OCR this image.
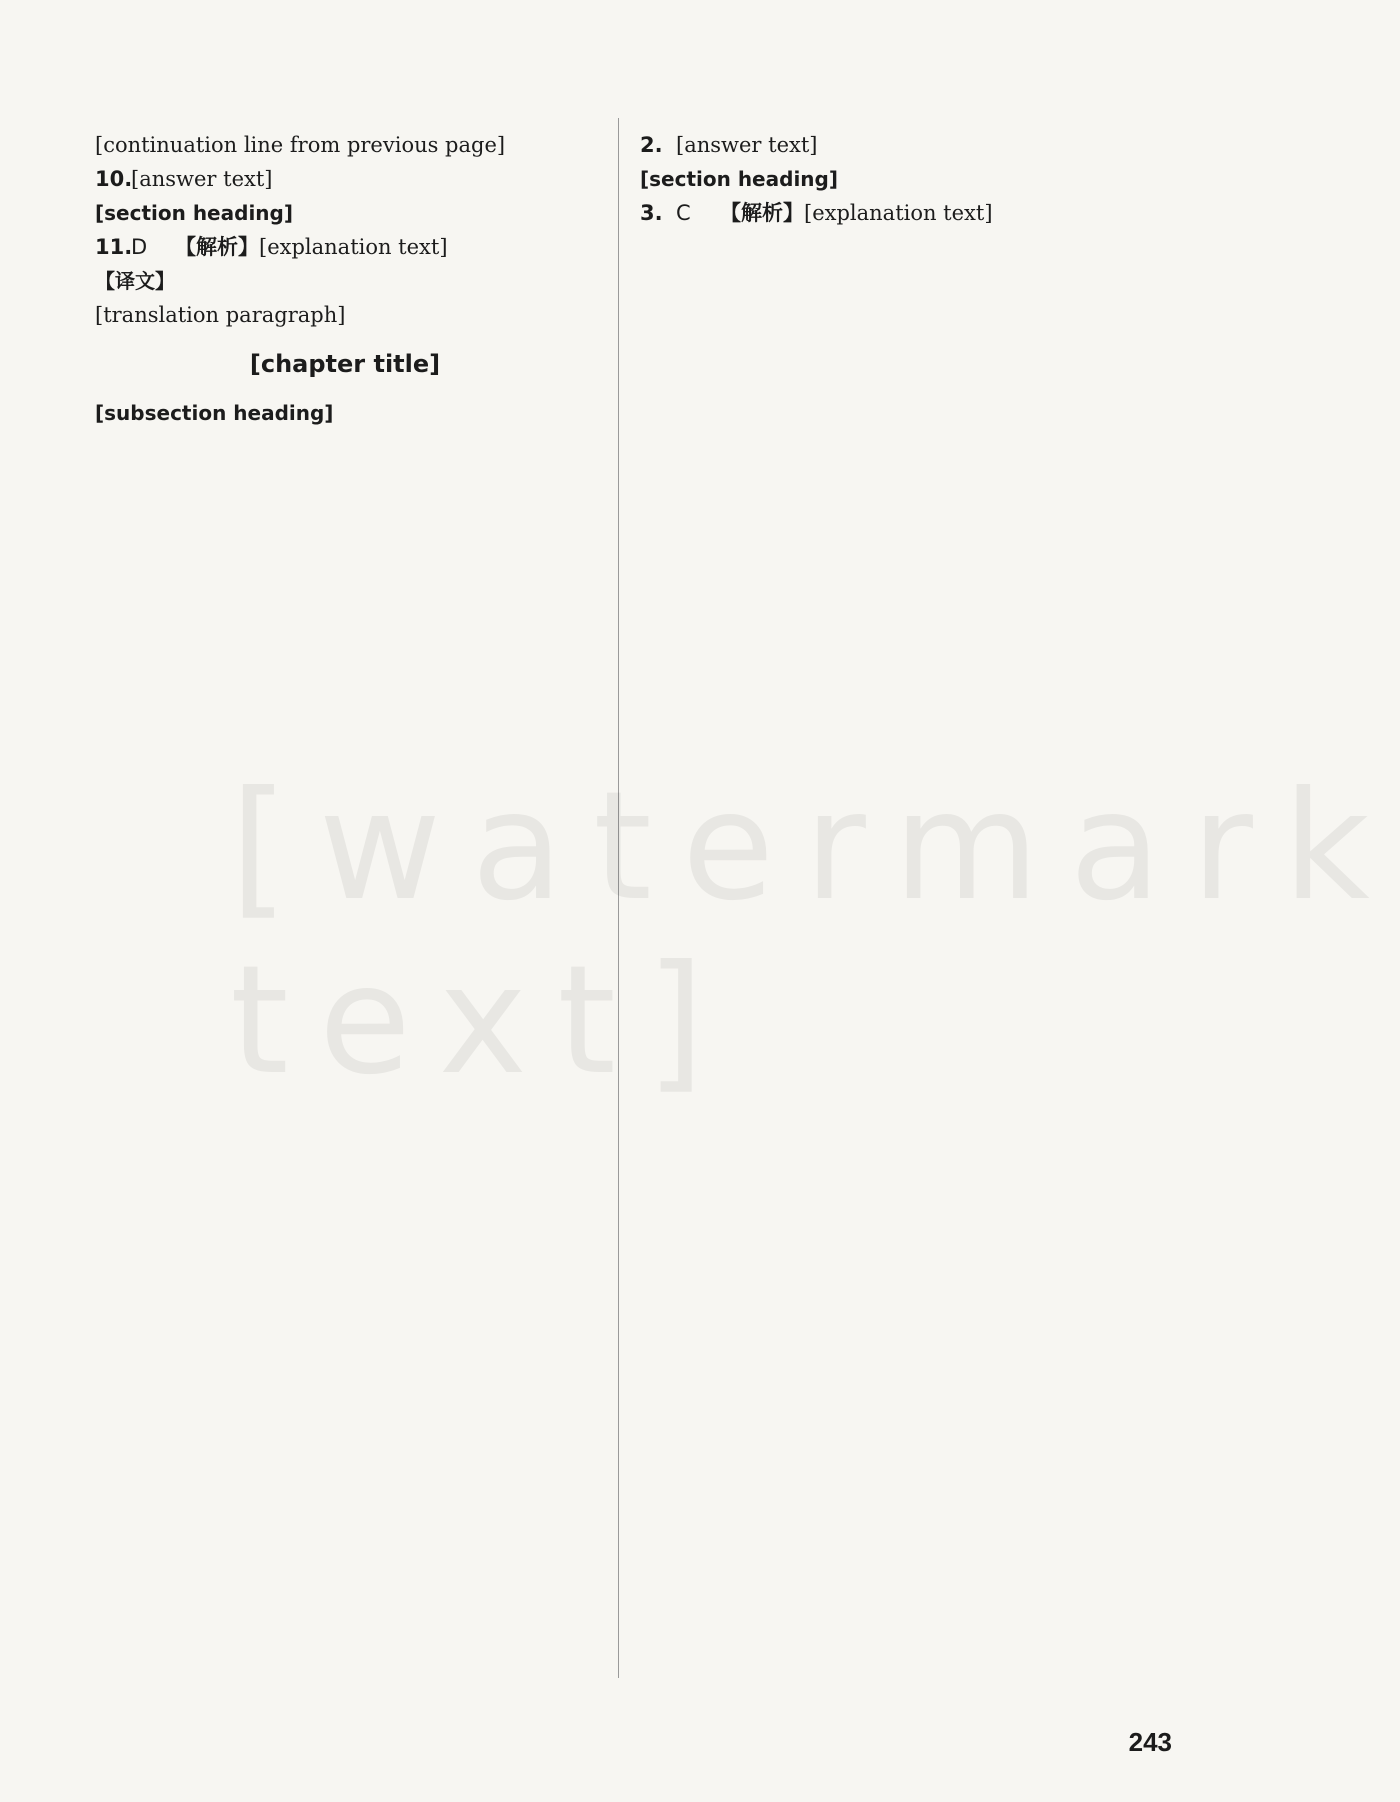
[continuation line from previous page]

10.
[answer text]

[section heading]

11.
D	【解析】[explanation text]

【译文】

[translation paragraph]

[chapter title]

[subsection heading]

2. [answer text]

[section heading]

3. C	【解析】[explanation text]
[watermark text]
243
